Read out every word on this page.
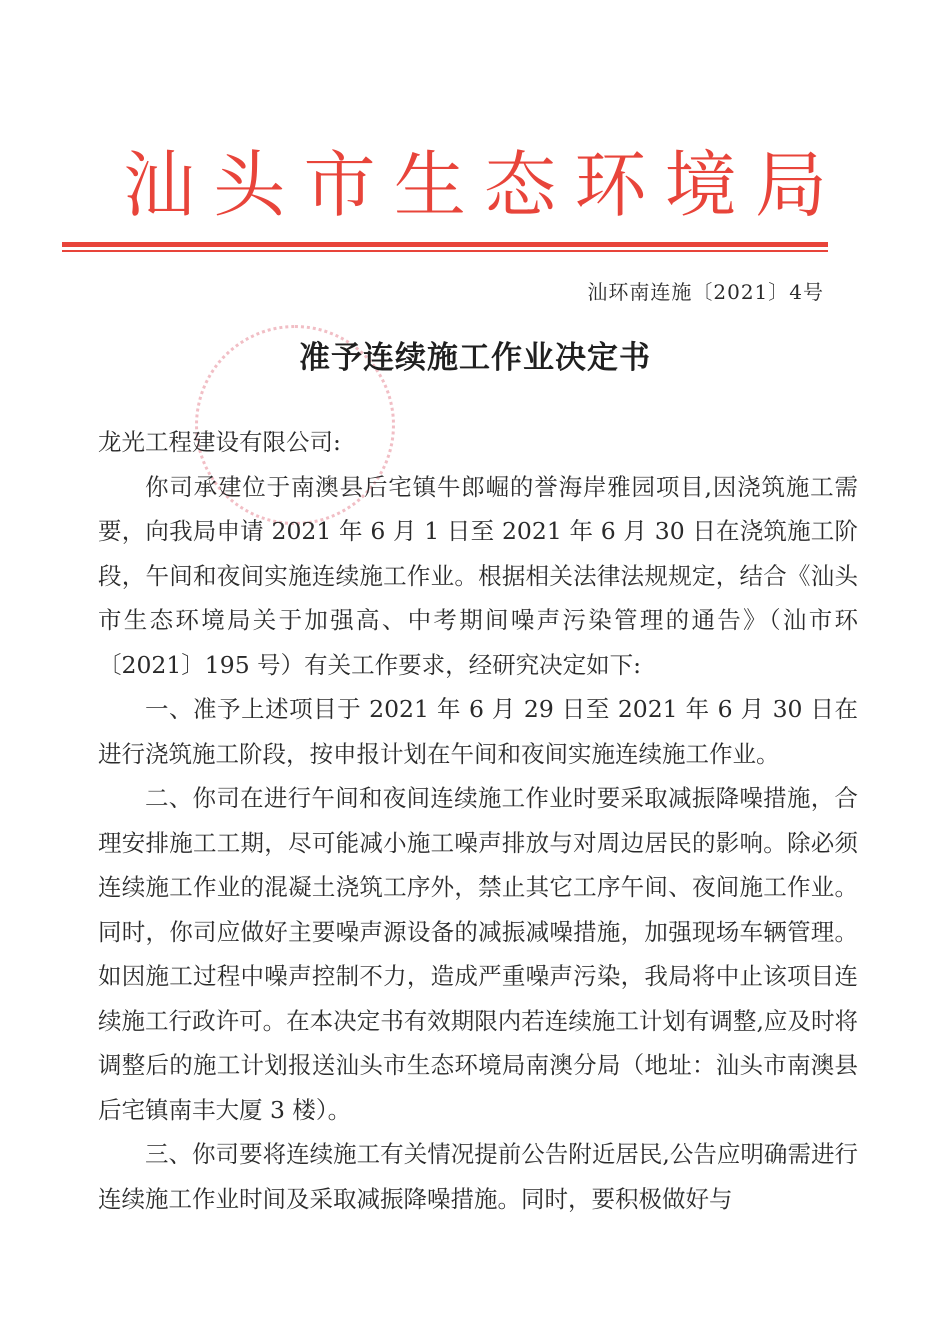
汕 头 市 生 态 环 境 局
汕环南连施〔2021〕4号
准予连续施工作业决定书

龙光工程建设有限公司:

你司承建位于南澳县后宅镇牛郎崛的誉海岸雅园项目,因浇筑施工需要，向我局申请 2021 年 6 月 1 日至 2021 年 6 月 30 日在浇筑施工阶段，午间和夜间实施连续施工作业。根据相关法律法规规定，结合《汕头市生态环境局关于加强高、中考期间噪声污染管理的通告》（汕市环〔2021〕195 号）有关工作要求，经研究决定如下:

一、准予上述项目于 2021 年 6 月 29 日至 2021 年 6 月 30 日在进行浇筑施工阶段，按申报计划在午间和夜间实施连续施工作业。

二、你司在进行午间和夜间连续施工作业时要采取减振降噪措施，合理安排施工工期，尽可能减小施工噪声排放与对周边居民的影响。除必须连续施工作业的混凝土浇筑工序外，禁止其它工序午间、夜间施工作业。同时，你司应做好主要噪声源设备的减振减噪措施，加强现场车辆管理。如因施工过程中噪声控制不力，造成严重噪声污染，我局将中止该项目连续施工行政许可。在本决定书有效期限内若连续施工计划有调整,应及时将调整后的施工计划报送汕头市生态环境局南澳分局（地址：汕头市南澳县后宅镇南丰大厦 3 楼）。

三、你司要将连续施工有关情况提前公告附近居民,公告应明确需进行连续施工作业时间及采取减振降噪措施。同时，要积极做好与
